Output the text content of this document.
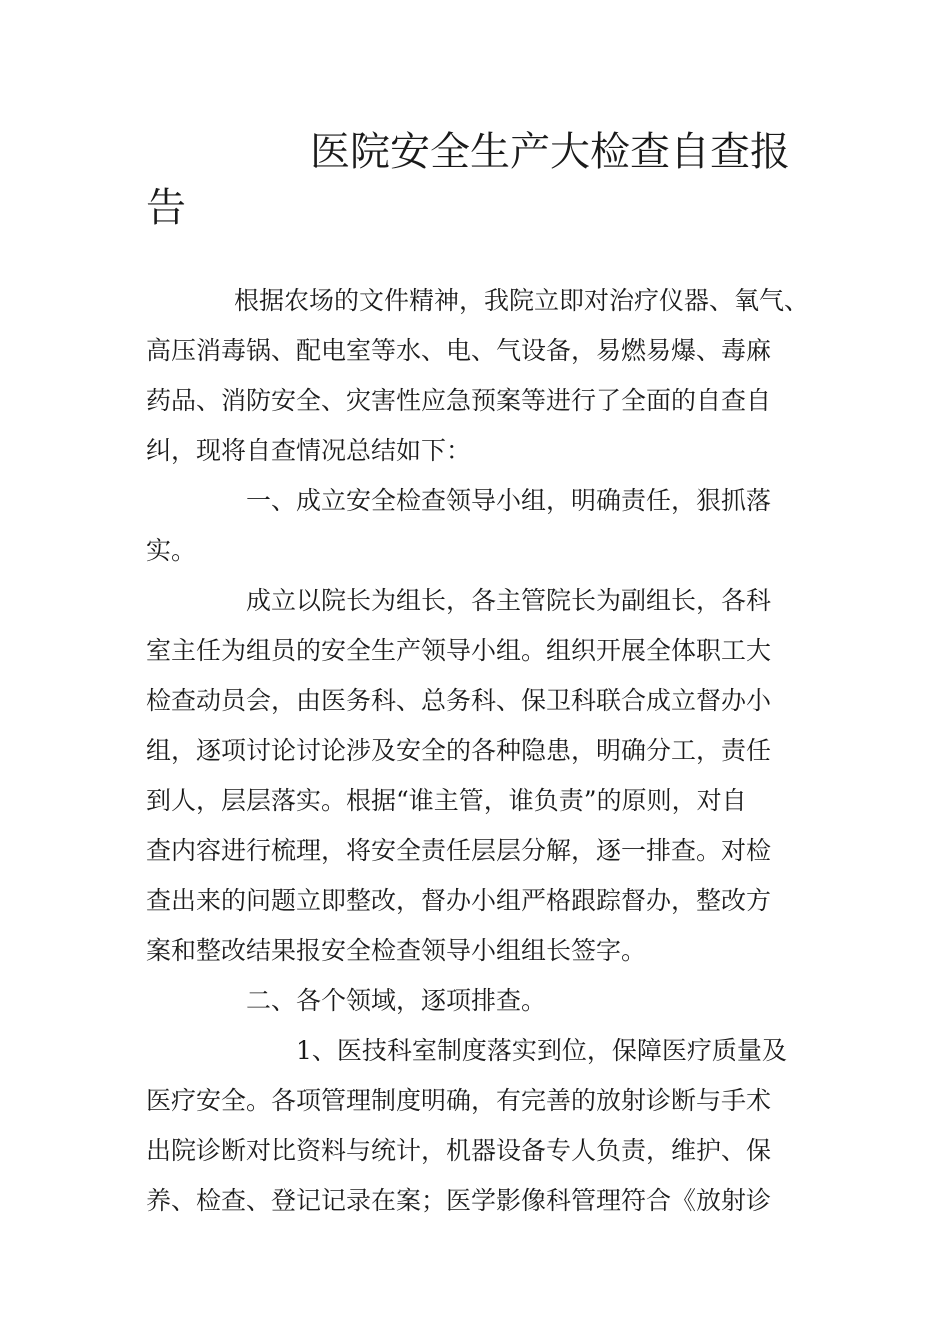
医院安全生产大检查自查报
告
根据农场的文件精神，我院立即对治疗仪器、氧气、
高压消毒锅、配电室等水、电、气设备，易燃易爆、毒麻
药品、消防安全、灾害性应急预案等进行了全面的自查自
纠，现将自查情况总结如下：
一、成立安全检查领导小组，明确责任，狠抓落
实。
成立以院长为组长，各主管院长为副组长，各科
室主任为组员的安全生产领导小组。组织开展全体职工大
检查动员会，由医务科、总务科、保卫科联合成立督办小
组，逐项讨论讨论涉及安全的各种隐患，明确分工，责任
到人，层层落实。根据“谁主管，谁负责”的原则，对自
查内容进行梳理，将安全责任层层分解，逐一排查。对检
查出来的问题立即整改，督办小组严格跟踪督办，整改方
案和整改结果报安全检查领导小组组长签字。
二、各个领域，逐项排查。
1、医技科室制度落实到位，保障医疗质量及
医疗安全。各项管理制度明确，有完善的放射诊断与手术
出院诊断对比资料与统计，机器设备专人负责，维护、保
养、检查、登记记录在案；医学影像科管理符合《放射诊
